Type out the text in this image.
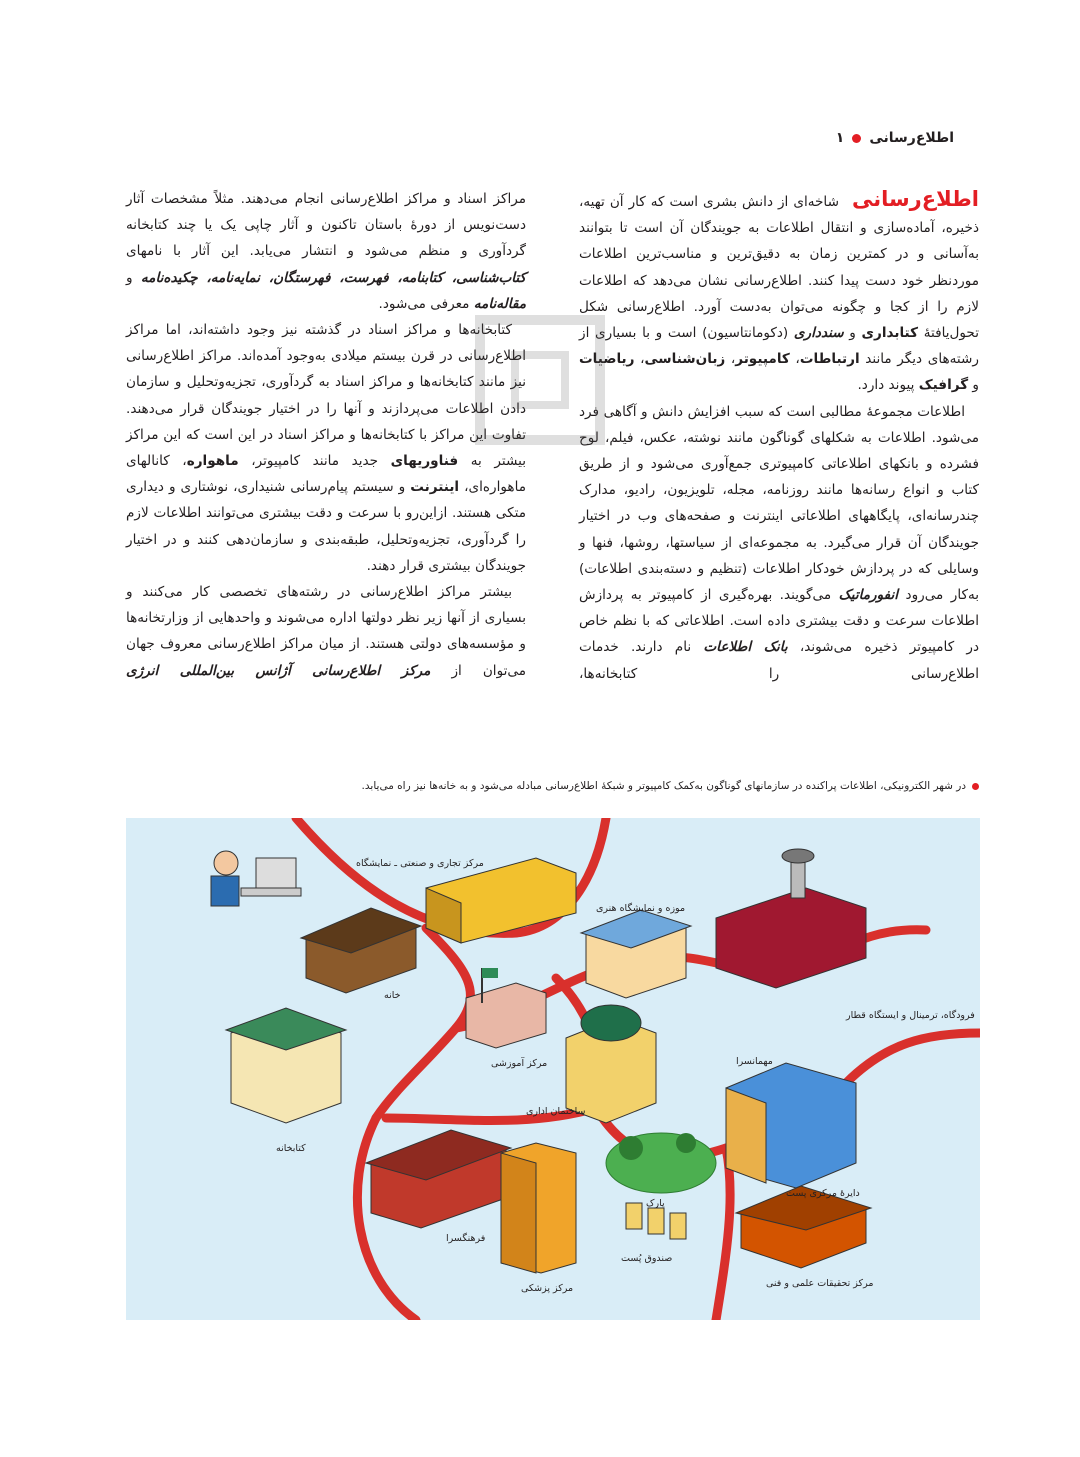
اطلاع‌رسانی
۱

اطلاع‌رسانی شاخه‌ای از دانش بشری است که کار آن تهیه، ذخیره، آماده‌سازی و انتقال اطلاعات به جویندگان آن است تا بتوانند به‌آسانی و در کمترین زمان به دقیق‌ترین و مناسب‌ترین اطلاعات موردنظر خود دست پیدا کنند. اطلاع‌رسانی نشان می‌دهد که اطلاعات لازم را از کجا و چگونه می‌توان به‌دست آورد. اطلاع‌رسانی شکل تحول‌یافتهٔ کتابداری و سندداری (دکومانتاسیون) است و با بسیاری از رشته‌های دیگر مانند ارتباطات، کامپیوتر، زبان‌شناسی، ریاضیات و گرافیک پیوند دارد.

اطلاعات مجموعهٔ مطالبی است که سبب افزایش دانش و آگاهی فرد می‌شود. اطلاعات به شکلهای گوناگون مانند نوشته، عکس، فیلم، لوح فشرده و بانکهای اطلاعاتی کامپیوتری جمع‌آوری می‌شود و از طریق کتاب و انواع رسانه‌ها مانند روزنامه، مجله، تلویزیون، رادیو، مدارک چندرسانه‌ای، پایگاههای اطلاعاتی اینترنت و صفحه‌های وب در اختیار جویندگان آن قرار می‌گیرد. به مجموعه‌ای از سیاستها، روشها، فنها و وسایلی که در پردازش خودکار اطلاعات (تنظیم و دسته‌بندی اطلاعات) به‌کار می‌رود انفورماتیک می‌گویند. بهره‌گیری از کامپیوتر به پردازش اطلاعات سرعت و دقت بیشتری داده است. اطلاعاتی که با نظم خاص در کامپیوتر ذخیره می‌شوند، بانک اطلاعات نام دارند. خدمات اطلاع‌رسانی را کتابخانه‌ها،

مراکز اسناد و مراکز اطلاع‌رسانی انجام می‌دهند. مثلاً مشخصات آثار دست‌نویس از دورهٔ باستان تاکنون و آثار چاپی یک یا چند کتابخانه گردآوری و منظم می‌شود و انتشار می‌یابد. این آثار با نامهای کتاب‌شناسی، کتابنامه، فهرست، فهرستگان، نمایه‌نامه، چکیده‌نامه و مقاله‌نامه معرفی می‌شود.

کتابخانه‌ها و مراکز اسناد در گذشته نیز وجود داشته‌اند، اما مراکز اطلاع‌رسانی در قرن بیستم میلادی به‌وجود آمده‌اند. مراکز اطلاع‌رسانی نیز مانند کتابخانه‌ها و مراکز اسناد به گردآوری، تجزیه‌وتحلیل و سازمان دادن اطلاعات می‌پردازند و آنها را در اختیار جویندگان قرار می‌دهند. تفاوت این مراکز با کتابخانه‌ها و مراکز اسناد در این است که این مراکز بیشتر به فناوریهای جدید مانند کامپیوتر، ماهواره، کانالهای ماهواره‌ای، اینترنت و سیستم پیام‌رسانی شنیداری، نوشتاری و دیداری متکی هستند. ازاین‌رو با سرعت و دقت بیشتری می‌توانند اطلاعات لازم را گردآوری، تجزیه‌وتحلیل، طبقه‌بندی و سازمان‌دهی کنند و در اختیار جویندگان بیشتری قرار دهند.

بیشتر مراکز اطلاع‌رسانی در رشته‌های تخصصی کار می‌کنند و بسیاری از آنها زیر نظر دولتها اداره می‌شوند و واحدهایی از وزارتخانه‌ها و مؤسسه‌های دولتی هستند. از میان مراکز اطلاع‌رسانی معروف جهان می‌توان از مرکز اطلاع‌رسانی آژانس بین‌المللی انرژی

در شهر الکترونیکی، اطلاعات پراکنده در سازمانهای گوناگون به‌کمک کامپیوتر و شبکهٔ اطلاع‌رسانی مبادله می‌شود و به خانه‌ها نیز راه می‌یابد.
مرکز تجاری و صنعتی ـ نمایشگاه
موزه و نمایشگاه هنری
فرودگاه، ترمینال و ایستگاه قطار
خانه
مرکز آموزشی
ساختمان اداری
مهمانسرا
کتابخانه
دایرهٔ مرکزی پست
پارک
فرهنگسرا
مرکز پزشکی
صندوق پُست
مرکز تحقیقات علمی و فنی
